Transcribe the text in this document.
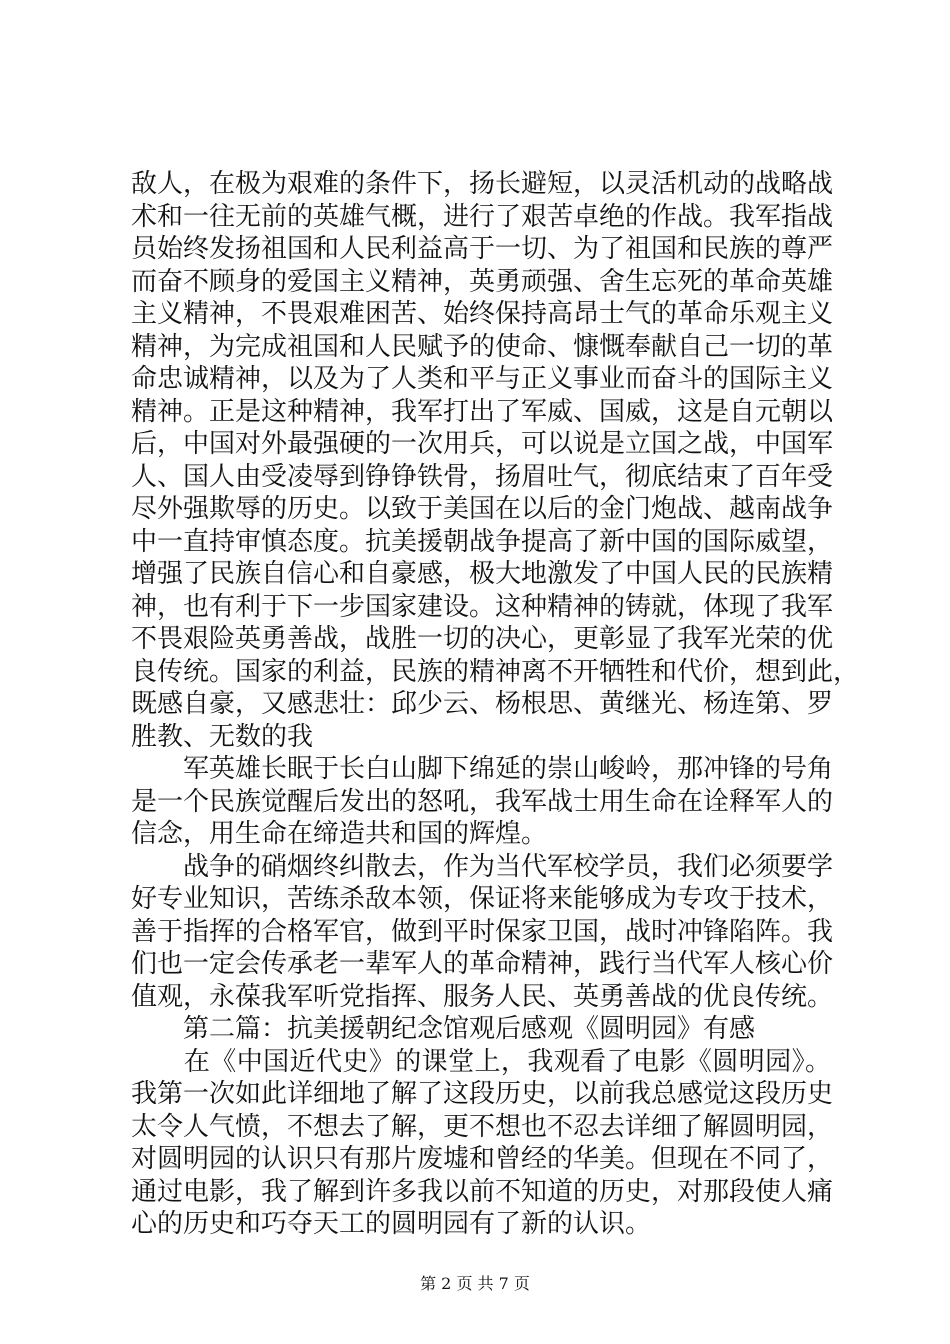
敌人，在极为艰难的条件下，扬长避短，以灵活机动的战略战
术和一往无前的英雄气概，进行了艰苦卓绝的作战。我军指战
员始终发扬祖国和人民利益高于一切、为了祖国和民族的尊严
而奋不顾身的爱国主义精神，英勇顽强、舍生忘死的革命英雄
主义精神，不畏艰难困苦、始终保持高昂士气的革命乐观主义
精神，为完成祖国和人民赋予的使命、慷慨奉献自己一切的革
命忠诚精神，以及为了人类和平与正义事业而奋斗的国际主义
精神。正是这种精神，我军打出了军威、国威，这是自元朝以
后，中国对外最强硬的一次用兵，可以说是立国之战，中国军
人、国人由受凌辱到铮铮铁骨，扬眉吐气，彻底结束了百年受
尽外强欺辱的历史。以致于美国在以后的金门炮战、越南战争
中一直持审慎态度。抗美援朝战争提高了新中国的国际威望，
增强了民族自信心和自豪感，极大地激发了中国人民的民族精
神，也有利于下一步国家建设。这种精神的铸就，体现了我军
不畏艰险英勇善战，战胜一切的决心，更彰显了我军光荣的优
良传统。国家的利益，民族的精神离不开牺牲和代价，想到此，
既感自豪，又感悲壮：邱少云、杨根思、黄继光、杨连第、罗
胜教、无数的我
　　军英雄长眠于长白山脚下绵延的崇山峻岭，那冲锋的号角
是一个民族觉醒后发出的怒吼，我军战士用生命在诠释军人的
信念，用生命在缔造共和国的辉煌。
　　战争的硝烟终纠散去，作为当代军校学员，我们必须要学
好专业知识，苦练杀敌本领，保证将来能够成为专攻于技术，
善于指挥的合格军官，做到平时保家卫国，战时冲锋陷阵。我
们也一定会传承老一辈军人的革命精神，践行当代军人核心价
值观，永葆我军听党指挥、服务人民、英勇善战的优良传统。
　　第二篇：抗美援朝纪念馆观后感观《圆明园》有感
　　在《中国近代史》的课堂上，我观看了电影《圆明园》。
我第一次如此详细地了解了这段历史，以前我总感觉这段历史
太令人气愤，不想去了解，更不想也不忍去详细了解圆明园，
对圆明园的认识只有那片废墟和曾经的华美。但现在不同了，
通过电影，我了解到许多我以前不知道的历史，对那段使人痛
心的历史和巧夺天工的圆明园有了新的认识。
第 2 页 共 7 页
